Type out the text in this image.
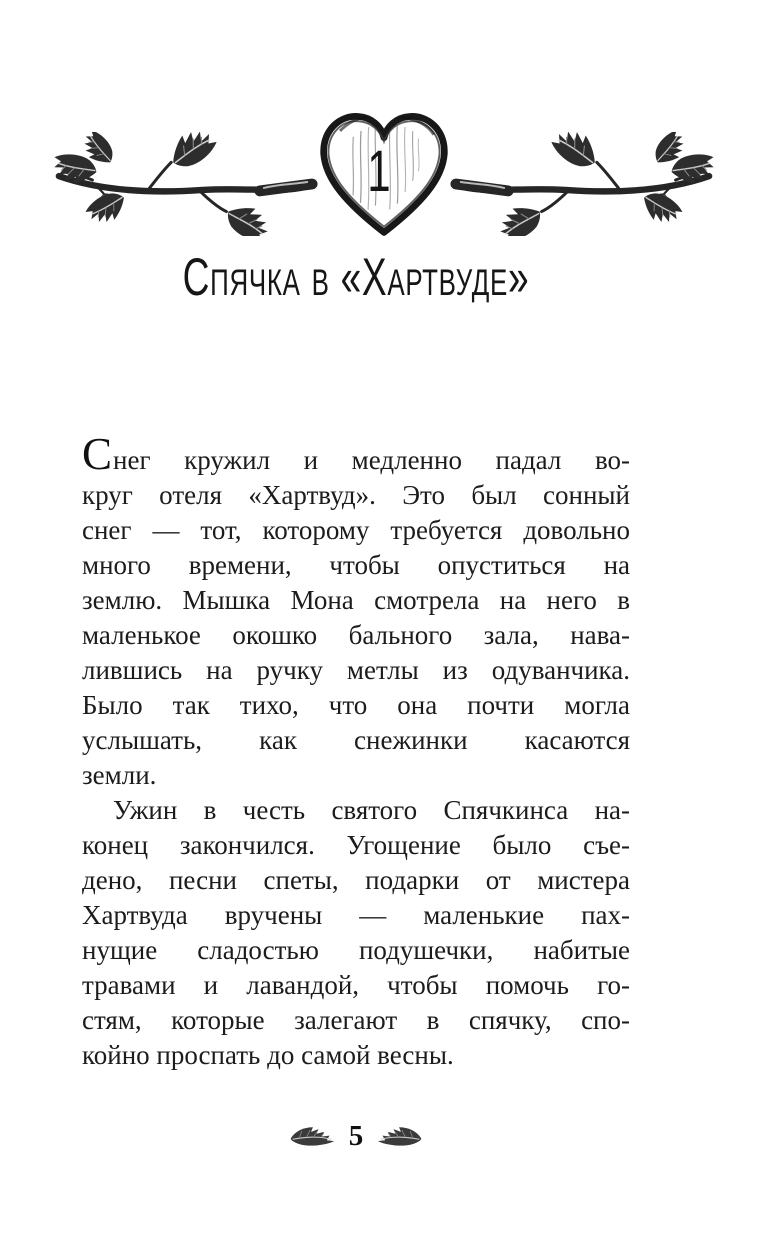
1
Спячка в «Хартвуде»
Снег кружил и медленно падал во-
круг отеля «Хартвуд». Это был сонный
снег — тот, которому требуется довольно
много времени, чтобы опуститься на
землю. Мышка Мона смотрела на него в
маленькое окошко бального зала, нава-
лившись на ручку метлы из одуванчика.
Было так тихо, что она почти могла
услышать, как снежинки касаются
земли.
Ужин в честь святого Спячкинса на-
конец закончился. Угощение было съе-
дено, песни спеты, подарки от мистера
Хартвуда вручены — маленькие пах-
нущие сладостью подушечки, набитые
травами и лавандой, чтобы помочь го-
стям, которые залегают в спячку, спо-
койно проспать до самой весны.
5
